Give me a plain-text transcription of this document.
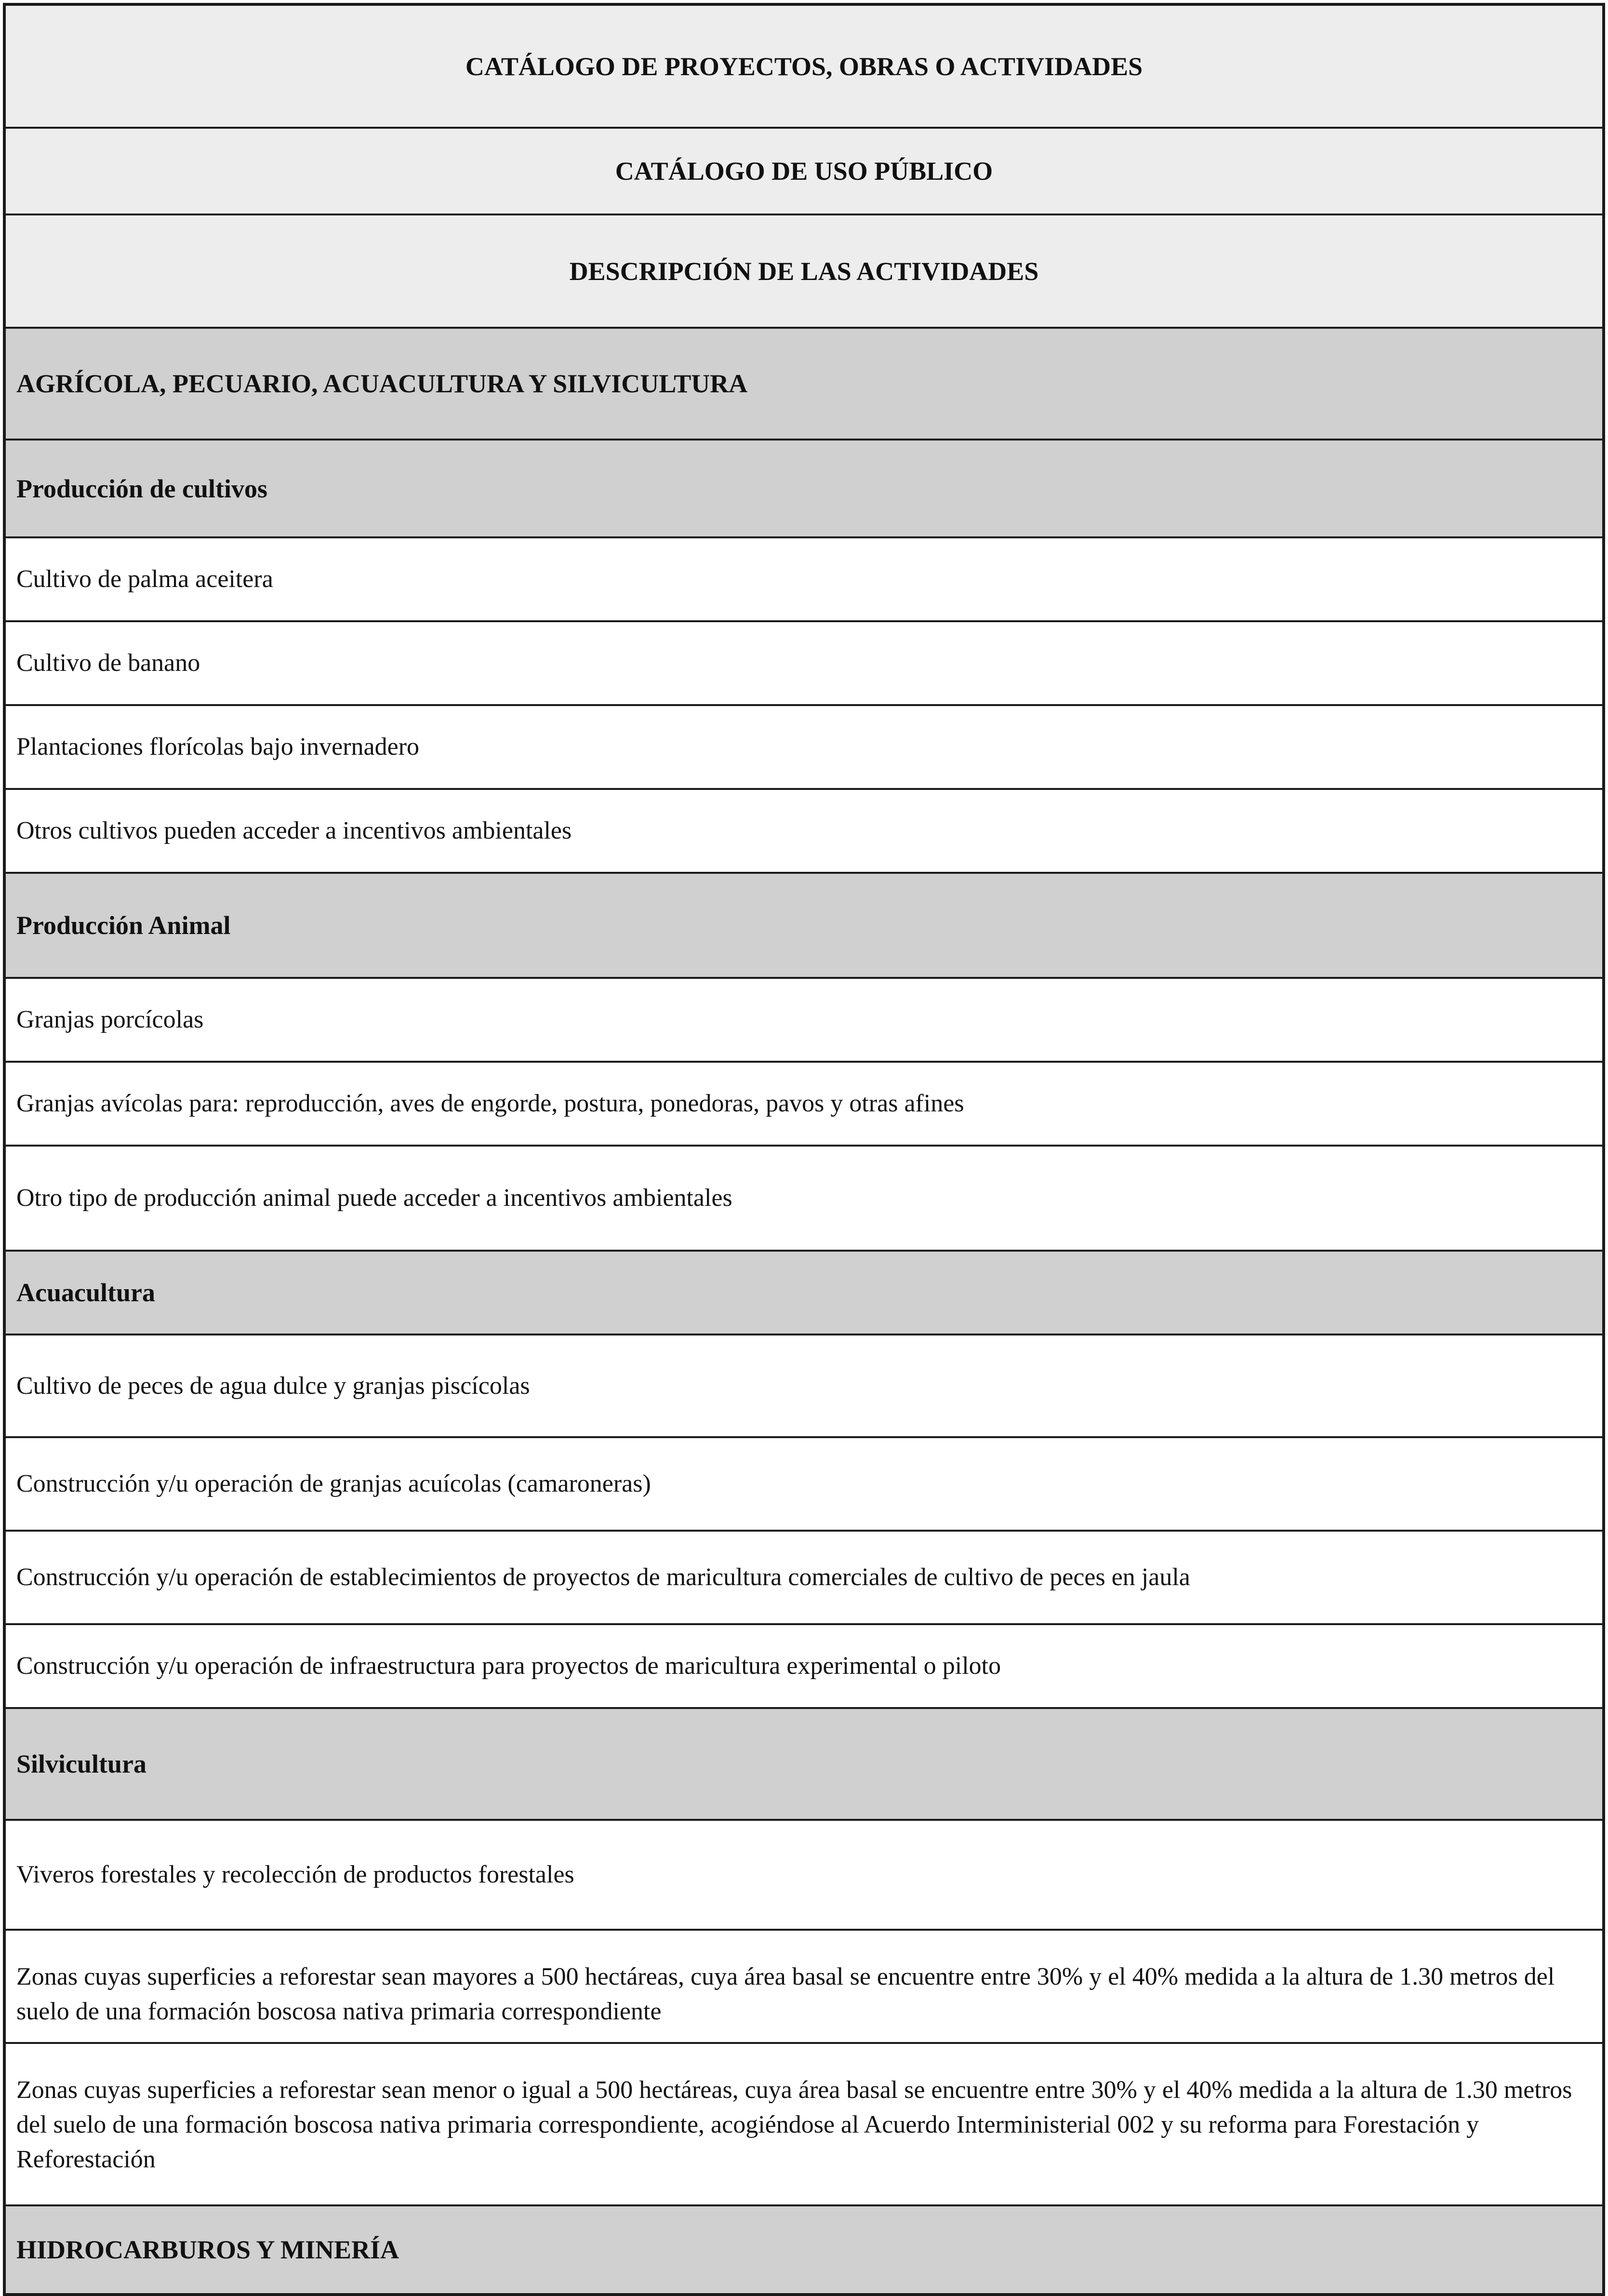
CATÁLOGO DE PROYECTOS, OBRAS O ACTIVIDADES
CATÁLOGO DE USO PÚBLICO
DESCRIPCIÓN DE LAS ACTIVIDADES
AGRÍCOLA, PECUARIO, ACUACULTURA Y SILVICULTURA
Producción de cultivos
Cultivo de palma aceitera
Cultivo de banano
Plantaciones florícolas bajo invernadero
Otros cultivos pueden acceder a incentivos ambientales
Producción Animal
Granjas porcícolas
Granjas avícolas para: reproducción, aves de engorde, postura, ponedoras, pavos y otras afines
Otro tipo de producción animal puede acceder a incentivos ambientales
Acuacultura
Cultivo de peces de agua dulce y granjas piscícolas
Construcción y/u operación de granjas acuícolas (camaroneras)
Construcción y/u operación de establecimientos de proyectos de maricultura comerciales de cultivo de peces en jaula
Construcción y/u operación de infraestructura para proyectos de maricultura experimental o piloto
Silvicultura
Viveros forestales y recolección de productos forestales
Zonas cuyas superficies a reforestar sean mayores a 500 hectáreas, cuya área basal se encuentre entre 30% y el 40% medida a la altura de 1.30 metros del suelo de una formación boscosa nativa primaria correspondiente
Zonas cuyas superficies a reforestar sean menor o igual a 500 hectáreas, cuya área basal se encuentre entre 30% y el 40% medida a la altura de 1.30 metros del suelo de una formación boscosa nativa primaria correspondiente, acogiéndose al Acuerdo Interministerial 002 y su reforma para Forestación y Reforestación
HIDROCARBUROS Y MINERÍA
